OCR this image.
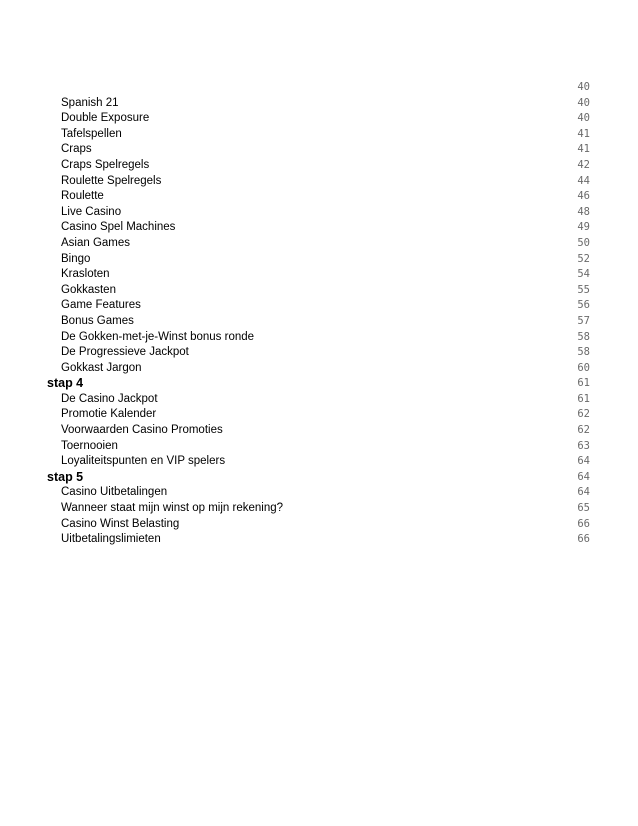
40
Spanish 21	40
Double Exposure	40
Tafelspellen	41
Craps	41
Craps Spelregels	42
Roulette Spelregels	44
Roulette	46
Live Casino	48
Casino Spel Machines	49
Asian Games	50
Bingo	52
Krasloten	54
Gokkasten	55
Game Features	56
Bonus Games	57
De Gokken-met-je-Winst bonus ronde	58
De Progressieve Jackpot	58
Gokkast Jargon	60
stap 4	61
De Casino Jackpot	61
Promotie Kalender	62
Voorwaarden Casino Promoties	62
Toernooien	63
Loyaliteitspunten en VIP spelers	64
stap 5	64
Casino Uitbetalingen	64
Wanneer staat mijn winst op mijn rekening?	65
Casino Winst Belasting	66
Uitbetalingslimieten	66
